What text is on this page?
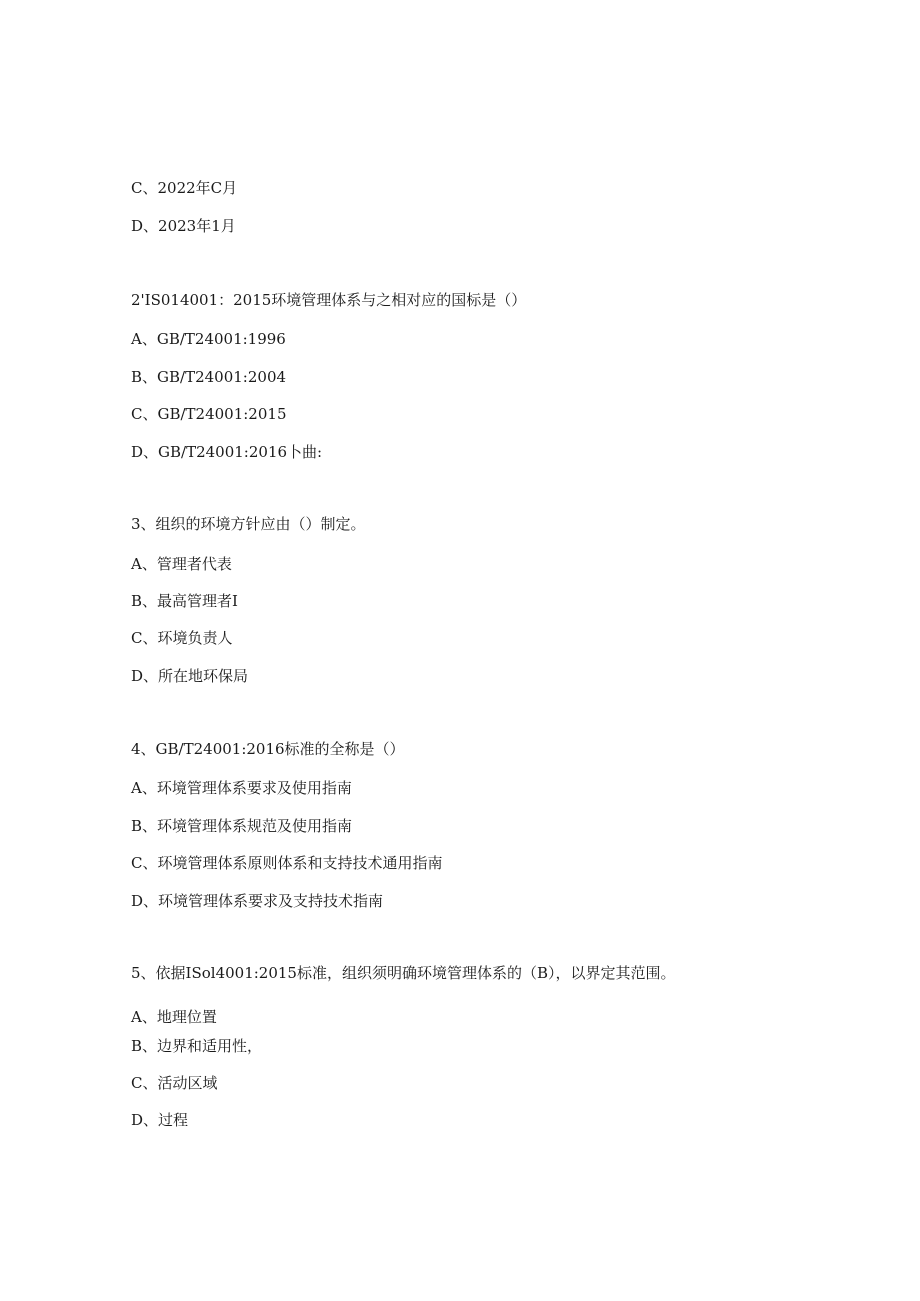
C、2022年C月
D、2023年1月
2'IS014001：2015环境管理体系与之相对应的国标是（）
A、GB/T24001:1996
B、GB/T24001:2004
C、GB/T24001:2015
D、GB/T24001:2016卜曲:
3、组织的环境方针应由（）制定。
A、管理者代表
B、最高管理者I
C、环境负责人
D、所在地环保局
4、GB/T24001:2016标准的全称是（）
A、环境管理体系要求及使用指南
B、环境管理体系规范及使用指南
C、环境管理体系原则体系和支持技术通用指南
D、环境管理体系要求及支持技术指南
5、依据ISol4001:2015标准，组织须明确环境管理体系的（B），以界定其范围。
A、地理位置
B、边界和适用性，
C、活动区域
D、过程
